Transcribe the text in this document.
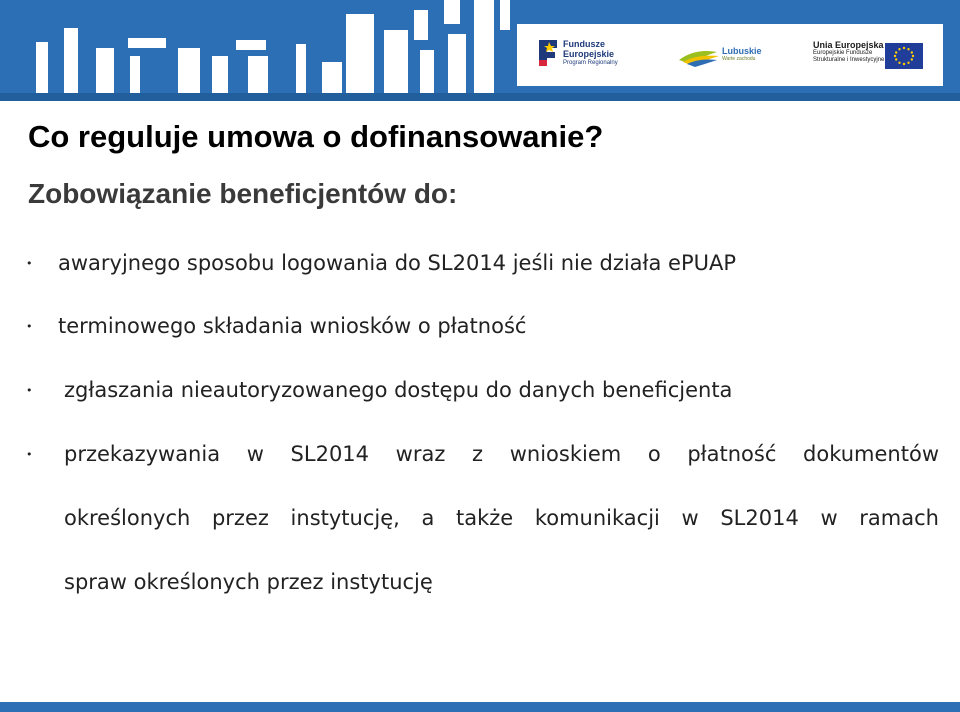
Fundusze
Europejskie
Program Regionalny
Lubuskie
Warte zachodu
Unia Europejska
Europejskie Fundusze
Strukturalne i Inwestycyjne
Co reguluje umowa o dofinansowanie?
Zobowiązanie beneficjentów do:
• awaryjnego sposobu logowania do SL2014 jeśli nie działa ePUAP
• terminowego składania wniosków o płatność
• zgłaszania nieautoryzowanego dostępu do danych beneficjenta
• przekazywania w SL2014 wraz z wnioskiem o płatność dokumentów
określonych przez instytucję, a także komunikacji w SL2014 w ramach
spraw określonych przez instytucję
